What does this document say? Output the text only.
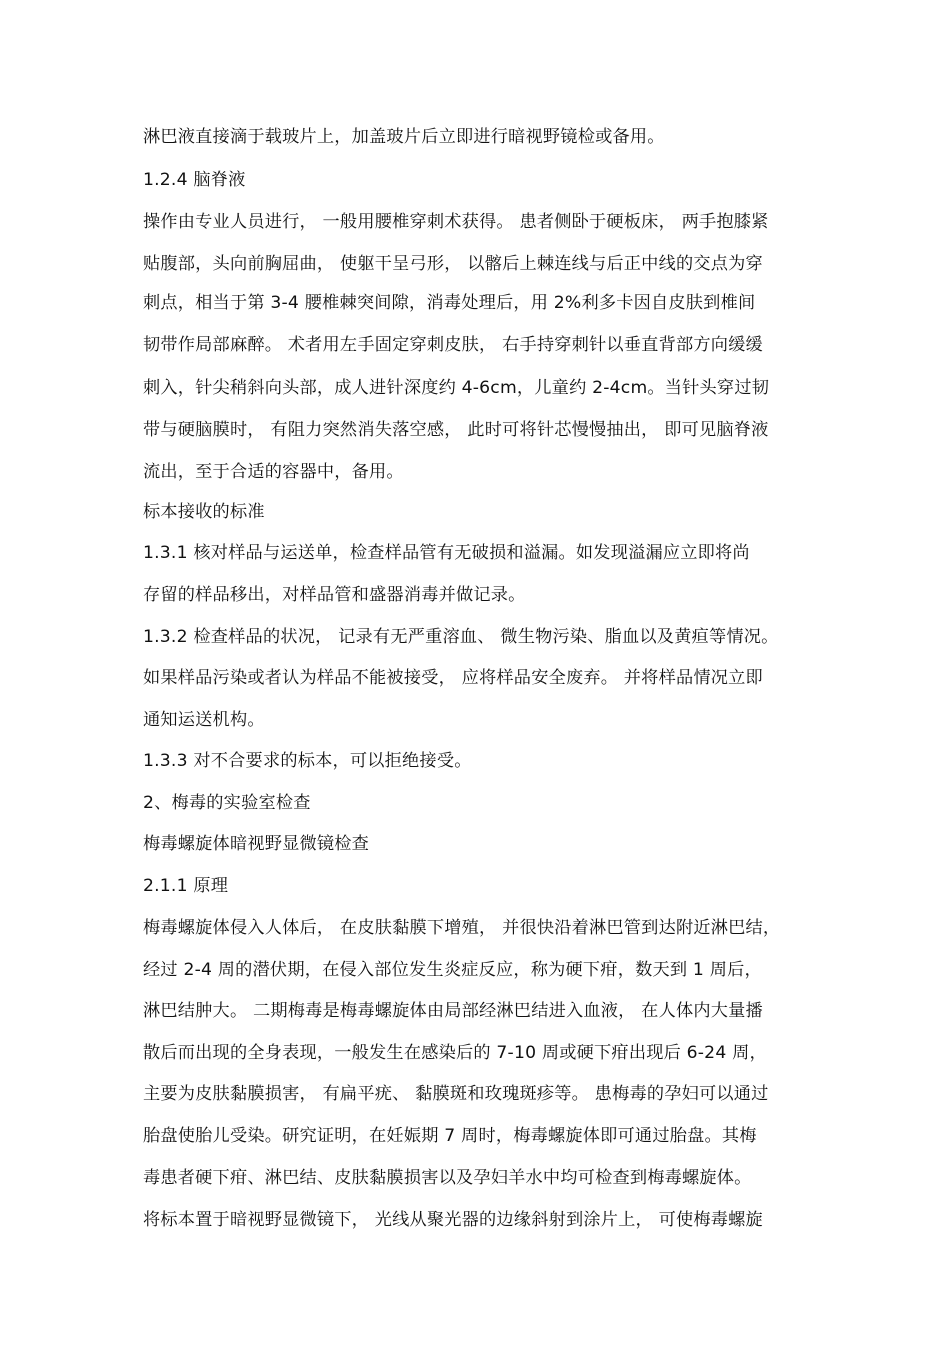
淋巴液直接滴于载玻片上，加盖玻片后立即进行暗视野镜检或备用。
1.2.4 脑脊液
操作由专业人员进行， 一般用腰椎穿刺术获得。 患者侧卧于硬板床， 两手抱膝紧
贴腹部，头向前胸屈曲， 使躯干呈弓形， 以髂后上棘连线与后正中线的交点为穿
刺点，相当于第 3-4 腰椎棘突间隙，消毒处理后，用 2%利多卡因自皮肤到椎间
韧带作局部麻醉。 术者用左手固定穿刺皮肤， 右手持穿刺针以垂直背部方向缓缓
刺入，针尖稍斜向头部，成人进针深度约 4-6cm，儿童约 2-4cm。当针头穿过韧
带与硬脑膜时， 有阻力突然消失落空感， 此时可将针芯慢慢抽出， 即可见脑脊液
流出，至于合适的容器中，备用。
标本接收的标准
1.3.1 核对样品与运送单，检查样品管有无破损和溢漏。如发现溢漏应立即将尚
存留的样品移出，对样品管和盛器消毒并做记录。
1.3.2 检查样品的状况， 记录有无严重溶血、 微生物污染、脂血以及黄疸等情况。
如果样品污染或者认为样品不能被接受， 应将样品安全废弃。 并将样品情况立即
通知运送机构。
1.3.3 对不合要求的标本，可以拒绝接受。
2、梅毒的实验室检查
梅毒螺旋体暗视野显微镜检查
2.1.1 原理
梅毒螺旋体侵入人体后， 在皮肤黏膜下增殖， 并很快沿着淋巴管到达附近淋巴结，
经过 2-4 周的潜伏期，在侵入部位发生炎症反应，称为硬下疳，数天到 1 周后，
淋巴结肿大。 二期梅毒是梅毒螺旋体由局部经淋巴结进入血液， 在人体内大量播
散后而出现的全身表现，一般发生在感染后的 7-10 周或硬下疳出现后 6-24 周，
主要为皮肤黏膜损害， 有扁平疣、 黏膜斑和玫瑰斑疹等。 患梅毒的孕妇可以通过
胎盘使胎儿受染。研究证明，在妊娠期 7 周时，梅毒螺旋体即可通过胎盘。其梅
毒患者硬下疳、淋巴结、皮肤黏膜损害以及孕妇羊水中均可检查到梅毒螺旋体。
将标本置于暗视野显微镜下， 光线从聚光器的边缘斜射到涂片上， 可使梅毒螺旋
